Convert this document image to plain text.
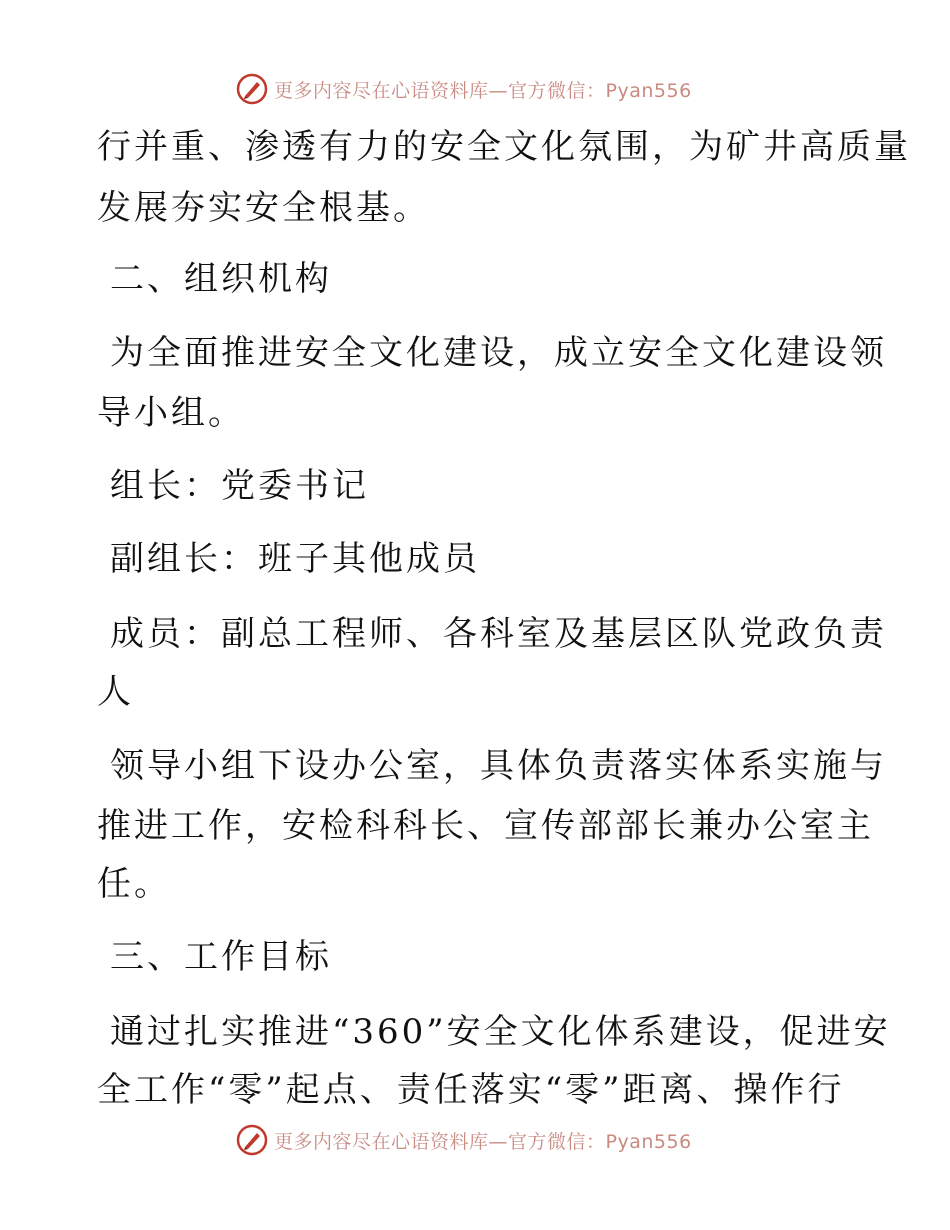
更多内容尽在心语资料库—官方微信：Pyan556
行并重、渗透有力的安全文化氛围，为矿井高质量
发展夯实安全根基。
二、组织机构
为全面推进安全文化建设，成立安全文化建设领
导小组。
组长：党委书记
副组长：班子其他成员
成员：副总工程师、各科室及基层区队党政负责
人
领导小组下设办公室，具体负责落实体系实施与
推进工作，安检科科长、宣传部部长兼办公室主
任。
三、工作目标
通过扎实推进“360”安全文化体系建设，促进安
全工作“零”起点、责任落实“零”距离、操作行
更多内容尽在心语资料库—官方微信：Pyan556
